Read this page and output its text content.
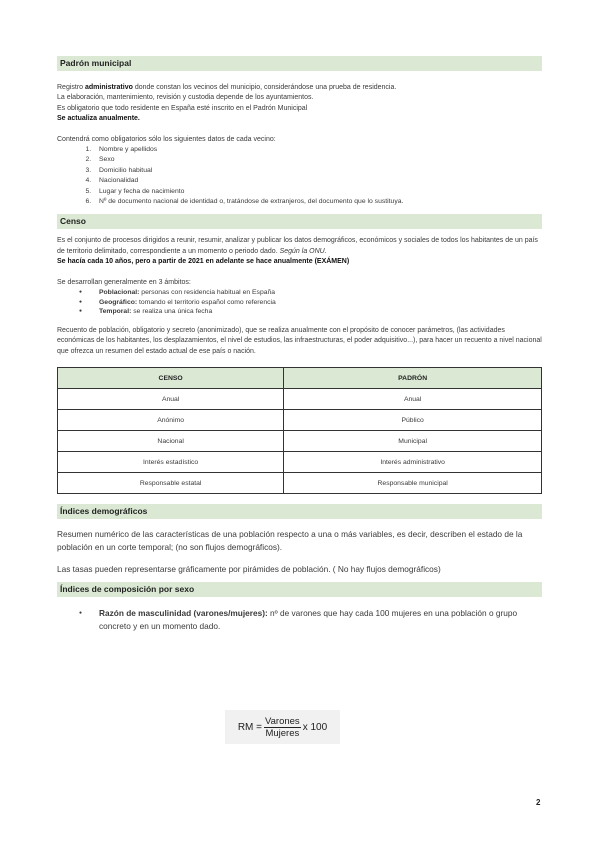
Padrón municipal
Registro administrativo donde constan los vecinos del municipio, considerándose una prueba de residencia.
La elaboración, mantenimiento, revisión y custodia depende de los ayuntamientos.
Es obligatorio que todo residente en España esté inscrito en el Padrón Municipal
Se actualiza anualmente.
Contendrá como obligatorios sólo los siguientes datos de cada vecino:
1. Nombre y apellidos
2. Sexo
3. Domicilio habitual
4. Nacionalidad
5. Lugar y fecha de nacimiento
6. Nº de documento nacional de identidad o, tratándose de extranjeros, del documento que lo sustituya.
Censo
Es el conjunto de procesos dirigidos a reunir, resumir, analizar y publicar los datos demográficos, económicos y sociales de todos los habitantes de un país de territorio delimitado, correspondiente a un momento o periodo dado. Según la ONU.
Se hacía cada 10 años, pero a partir de 2021 en adelante se hace anualmente (EXÁMEN)
Se desarrollan generalmente en 3 ámbitos:
● Poblacional: personas con residencia habitual en España
● Geográfico: tomando el territorio español como referencia
● Temporal: se realiza una única fecha
Recuento de población, obligatorio y secreto (anonimizado), que se realiza anualmente con el propósito de conocer parámetros, (las actividades económicas de los habitantes, los desplazamientos, el nivel de estudios, las infraestructuras, el poder adquisitivo...), para hacer un recuento a nivel nacional que ofrezca un resumen del estado actual de ese país o nación.
CENSO	PADRÓN
Anual	Anual
Anónimo	Público
Nacional	Municipal
Interés estadístico	Interés administrativo
Responsable estatal	Responsable municipal
Índices demográficos
Resumen numérico de las características de una población respecto a una o más variables, es decir, describen el estado de la población en un corte temporal; (no son flujos demográficos).
Las tasas pueden representarse gráficamente por pirámides de población. ( No hay flujos demográficos)
Índices de composición por sexo
● Razón de masculinidad (varones/mujeres): nº de varones que hay cada 100 mujeres en una población o grupo concreto y en un momento dado.
RM = $\frac{\text{Varones}}{\text{Mujeres}}$ x 100
2
